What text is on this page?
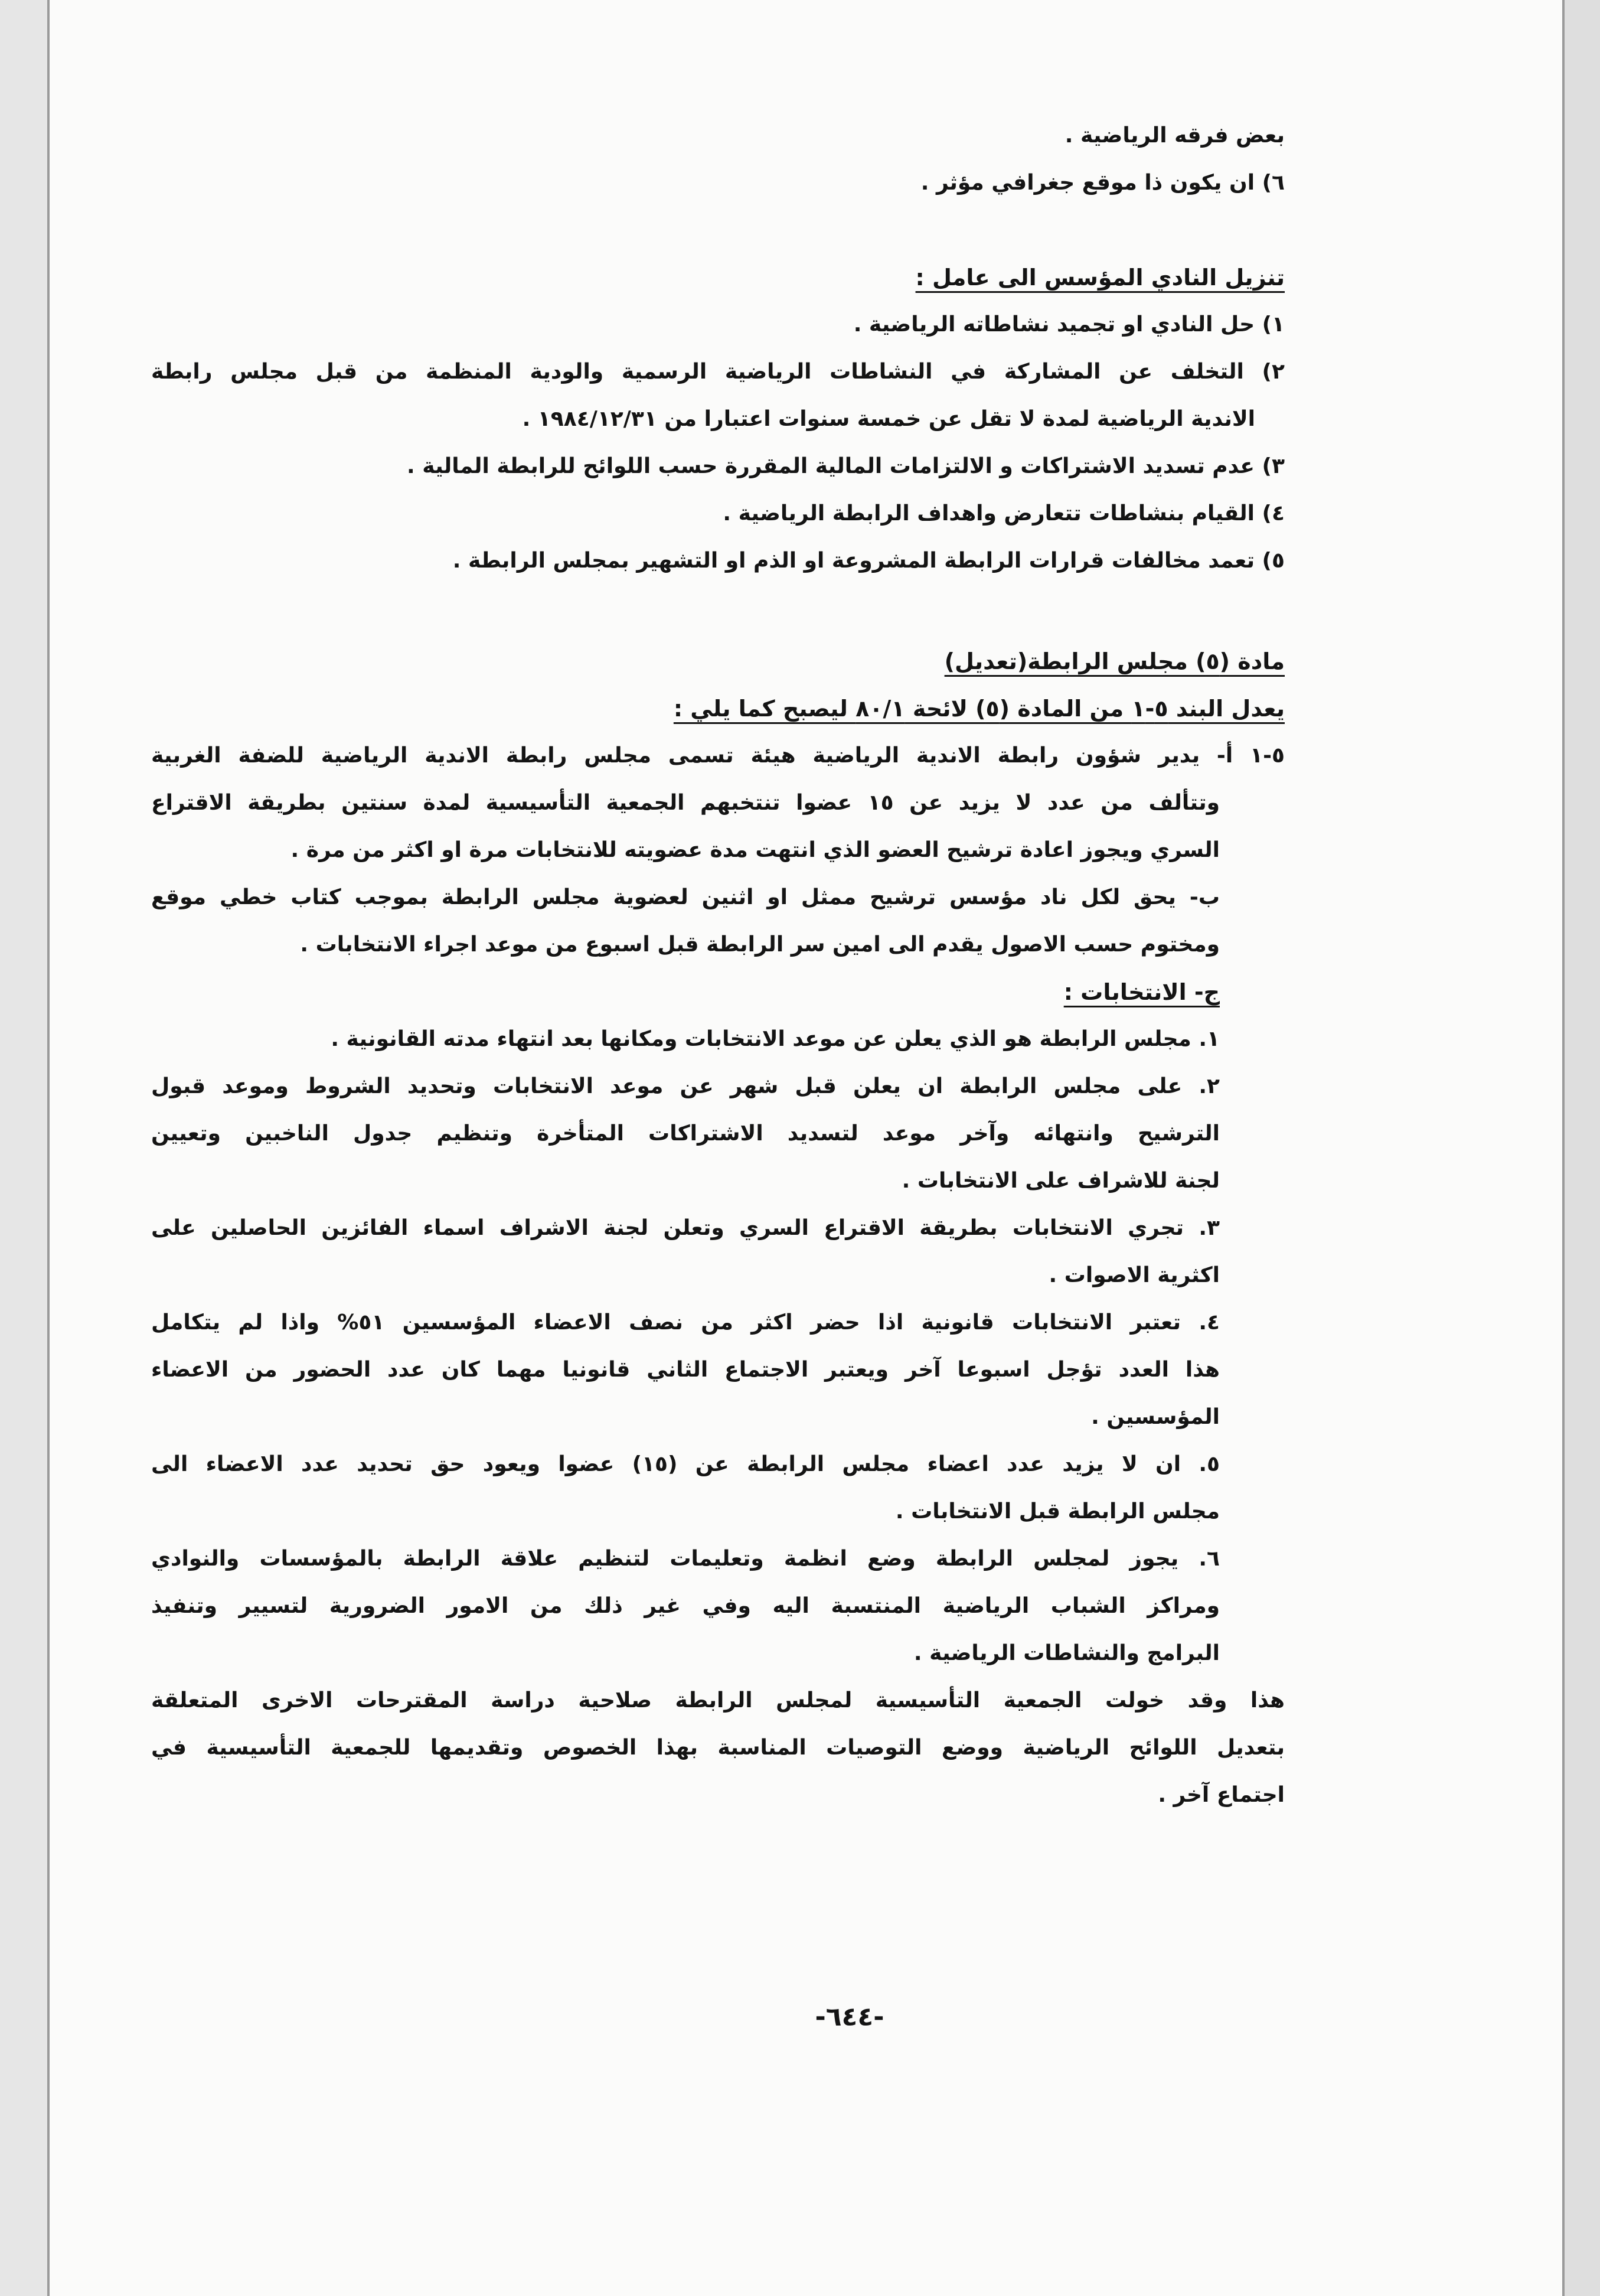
بعض فرقه الرياضية .
٦) ان يكون ذا موقع جغرافي مؤثر .
تنزيل النادي المؤسس الى عامل :
١) حل النادي او تجميد نشاطاته الرياضية .
٢) التخلف عن المشاركة في النشاطات الرياضية الرسمية والودية المنظمة من قبل مجلس رابطة
الاندية الرياضية لمدة لا تقل عن خمسة سنوات اعتبارا من ١٩٨٤/١٢/٣١ .
٣) عدم تسديد الاشتراكات و الالتزامات المالية المقررة حسب اللوائح للرابطة المالية .
٤) القيام بنشاطات تتعارض واهداف الرابطة الرياضية .
٥) تعمد مخالفات قرارات الرابطة المشروعة او الذم او التشهير بمجلس الرابطة .
مادة (٥) مجلس الرابطة(تعديل)
يعدل البند ٥-١ من المادة (٥) لائحة ٨٠/١ ليصبح كما يلي :
٥-١ أ- يدير شؤون رابطة الاندية الرياضية هيئة تسمى مجلس رابطة الاندية الرياضية للضفة الغربية
وتتألف من عدد لا يزيد عن ١٥ عضوا تنتخبهم الجمعية التأسيسية لمدة سنتين بطريقة الاقتراع
السري ويجوز اعادة ترشيح العضو الذي انتهت مدة عضويته للانتخابات مرة او اكثر من مرة .
ب- يحق لكل ناد مؤسس ترشيح ممثل او اثنين لعضوية مجلس الرابطة بموجب كتاب خطي موقع
ومختوم حسب الاصول يقدم الى امين سر الرابطة قبل اسبوع من موعد اجراء الانتخابات .
ج- الانتخابات :
١. مجلس الرابطة هو الذي يعلن عن موعد الانتخابات ومكانها بعد انتهاء مدته القانونية .
٢. على مجلس الرابطة ان يعلن قبل شهر عن موعد الانتخابات وتحديد الشروط وموعد قبول
الترشيح وانتهائه وآخر موعد لتسديد الاشتراكات المتأخرة وتنظيم جدول الناخبين وتعيين
لجنة للاشراف على الانتخابات .
٣. تجري الانتخابات بطريقة الاقتراع السري وتعلن لجنة الاشراف اسماء الفائزين الحاصلين على
اكثرية الاصوات .
٤. تعتبر الانتخابات قانونية اذا حضر اكثر من نصف الاعضاء المؤسسين ٥١% واذا لم يتكامل
هذا العدد تؤجل اسبوعا آخر ويعتبر الاجتماع الثاني قانونيا مهما كان عدد الحضور من الاعضاء
المؤسسين .
٥. ان لا يزيد عدد اعضاء مجلس الرابطة عن (١٥) عضوا ويعود حق تحديد عدد الاعضاء الى
مجلس الرابطة قبل الانتخابات .
٦. يجوز لمجلس الرابطة وضع انظمة وتعليمات لتنظيم علاقة الرابطة بالمؤسسات والنوادي
ومراكز الشباب الرياضية المنتسبة اليه وفي غير ذلك من الامور الضرورية لتسيير وتنفيذ
البرامج والنشاطات الرياضية .
هذا وقد خولت الجمعية التأسيسية لمجلس الرابطة صلاحية دراسة المقترحات الاخرى المتعلقة
بتعديل اللوائح الرياضية ووضع التوصيات المناسبة بهذا الخصوص وتقديمها للجمعية التأسيسية في
اجتماع آخر .
-٦٤٤-
